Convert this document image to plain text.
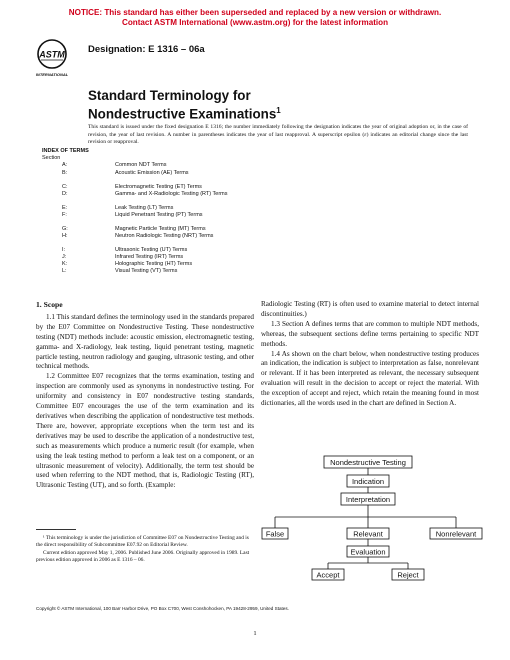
NOTICE: This standard has either been superseded and replaced by a new version or withdrawn.
Contact ASTM International (www.astm.org) for the latest information
ASTM
INTERNATIONAL
Designation: E 1316 – 06a
Standard Terminology for
Nondestructive Examinations$^1$
This standard is issued under the fixed designation E 1316; the number immediately following the designation indicates the year of original adoption or, in the case of revision, the year of last revision. A number in parentheses indicates the year of last reapproval. A superscript epsilon (ε) indicates an editorial change since the last revision or reapproval.
INDEX OF TERMS
Section
A:	Common NDT Terms
B:	Acoustic Emission (AE) Terms
C:	Electromagnetic Testing (ET) Terms
D:	Gamma- and X-Radiologic Testing (RT) Terms
E:	Leak Testing (LT) Terms
F:	Liquid Penetrant Testing (PT) Terms
G:	Magnetic Particle Testing (MT) Terms
H:	Neutron Radiologic Testing (NRT) Terms
I:	Ultrasonic Testing (UT) Terms
J:	Infrared Testing (IRT) Terms
K:	Holographic Testing (HT) Terms
L:	Visual Testing (VT) Terms

1. Scope

1.1 This standard defines the terminology used in the standards prepared by the E07 Committee on Nondestructive Testing. These nondestructive testing (NDT) methods include: acoustic emission, electromagnetic testing, gamma- and X-radiology, leak testing, liquid penetrant testing, magnetic particle testing, neutron radiology and gauging, ultrasonic testing, and other technical methods.

1.2 Committee E07 recognizes that the terms examination, testing and inspection are commonly used as synonyms in nondestructive testing. For uniformity and consistency in E07 nondestructive testing standards, Committee E07 encourages the use of the term examination and its derivatives when describing the application of nondestructive test methods. There are, however, appropriate exceptions when the term test and its derivatives may be used to describe the application of a nondestructive test, such as measurements which produce a numeric result (for example, when using the leak testing method to perform a leak test on a component, or an ultrasonic measurement of velocity). Additionally, the term test should be used when referring to the NDT method, that is, Radiologic Testing (RT), Ultrasonic Testing (UT), and so forth. (Example:

¹ This terminology is under the jurisdiction of Committee E07 on Nondestructive Testing and is the direct responsibility of Subcommittee E07.92 on Editorial Review.

Current edition approved May 1, 2006. Published June 2006. Originally approved in 1989. Last previous edition approved in 2006 as E 1316 – 06.

Radiologic Testing (RT) is often used to examine material to detect internal discontinuities.)

1.3 Section A defines terms that are common to multiple NDT methods, whereas, the subsequent sections define terms pertaining to specific NDT methods.

1.4 As shown on the chart below, when nondestructive testing produces an indication, the indication is subject to interpretation as false, nonrelevant or relevant. If it has been interpreted as relevant, the necessary subsequent evaluation will result in the decision to accept or reject the material. With the exception of accept and reject, which retain the meaning found in most dictionaries, all the words used in the chart are defined in Section A.

Nondestructive Testing
Indication
Interpretation
False	Relevant	Nonrelevant
Evaluation
Accept	Reject
Copyright © ASTM International, 100 Barr Harbor Drive, PO Box C700, West Conshohocken, PA 19428-2959, United States.
1
